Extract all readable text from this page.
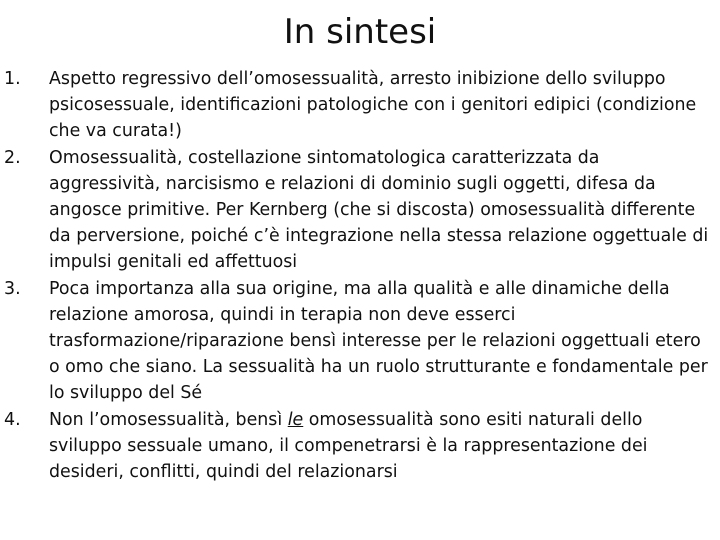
In sintesi
1.	Aspetto regressivo dell’omosessualità, arresto inibizione dello sviluppo psicosessuale, identificazioni patologiche con i genitori edipici (condizione che va curata!)
2.	Omosessualità, costellazione sintomatologica caratterizzata da aggressività, narcisismo e relazioni di dominio sugli oggetti, difesa da angosce primitive. Per Kernberg (che si discosta) omosessualità differente da perversione, poiché c’è integrazione nella stessa relazione oggettuale di impulsi genitali ed affettuosi
3.	Poca importanza alla sua origine, ma alla qualità e alle dinamiche della relazione amorosa, quindi in terapia non deve esserci trasformazione/riparazione bensì interesse per le relazioni oggettuali etero o omo che siano. La sessualità ha un ruolo strutturante e fondamentale per lo sviluppo del Sé
4.	Non l’omosessualità, bensì le omosessualità sono esiti naturali dello sviluppo sessuale umano, il compenetrarsi è la rappresentazione dei desideri, conflitti, quindi del relazionarsi
